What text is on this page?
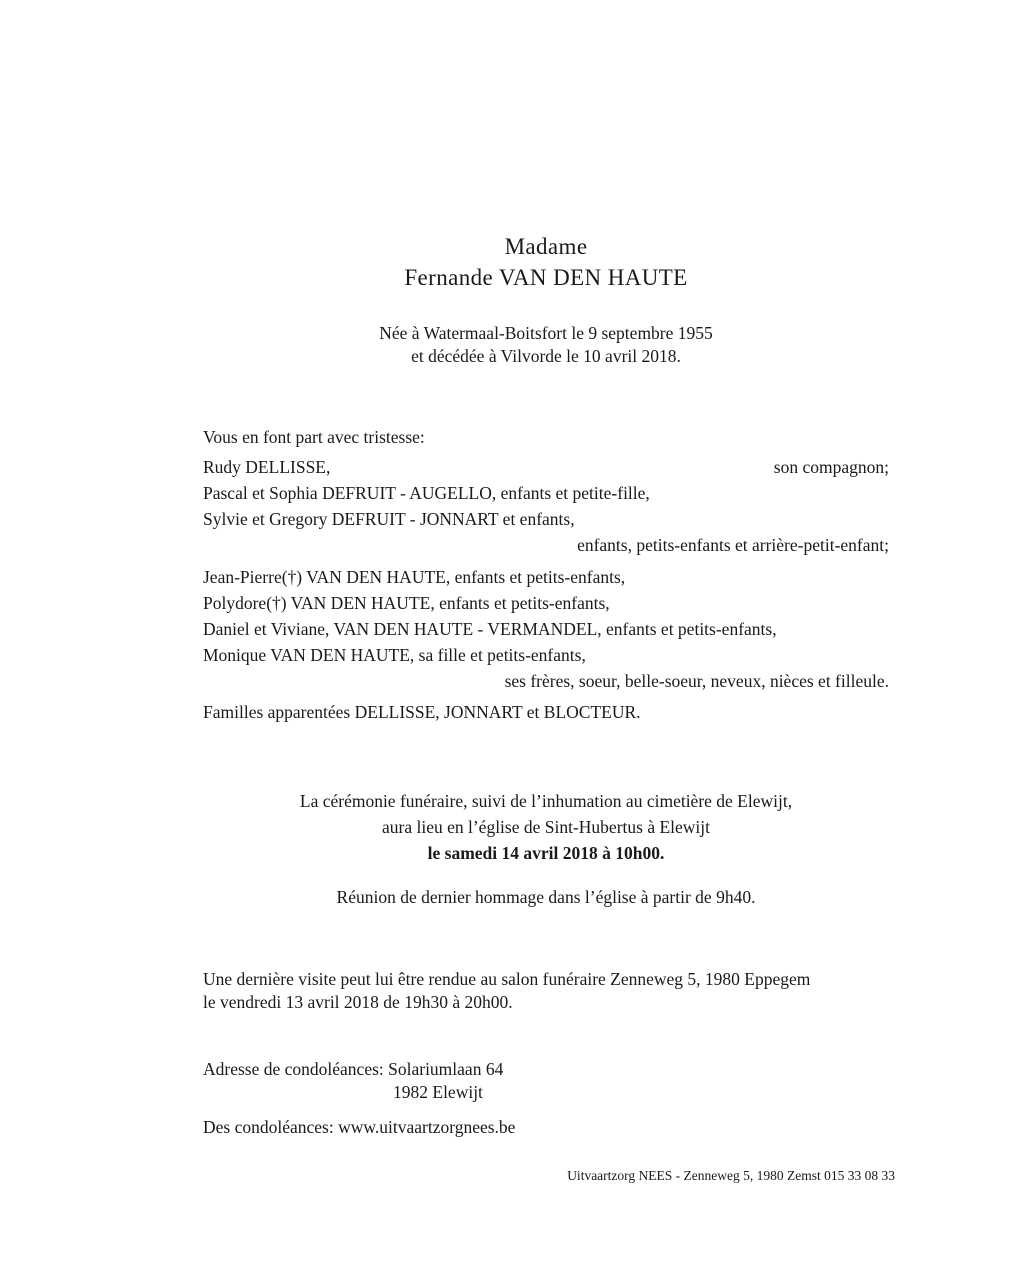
Madame
Fernande VAN DEN HAUTE
Née à Watermaal-Boitsfort le 9 septembre 1955
et décédée à Vilvorde le 10 avril 2018.
Vous en font part avec tristesse:
Rudy DELLISSE,	son compagnon;
Pascal et Sophia DEFRUIT - AUGELLO, enfants et petite-fille,
Sylvie et Gregory DEFRUIT - JONNART et enfants,
enfants, petits-enfants et arrière-petit-enfant;
Jean-Pierre(†) VAN DEN HAUTE, enfants et petits-enfants,
Polydore(†) VAN DEN HAUTE, enfants et petits-enfants,
Daniel et Viviane, VAN DEN HAUTE - VERMANDEL, enfants et petits-enfants,
Monique VAN DEN HAUTE, sa fille et petits-enfants,
ses frères, soeur, belle-soeur, neveux, nièces et filleule.
Familles apparentées DELLISSE, JONNART et BLOCTEUR.
La cérémonie funéraire, suivi de l’inhumation au cimetière de Elewijt,
aura lieu en l’église de Sint-Hubertus à Elewijt
le samedi 14 avril 2018 à 10h00.
Réunion de dernier hommage dans l’église à partir de 9h40.
Une dernière visite peut lui être rendue au salon funéraire Zenneweg 5, 1980 Eppegem
le vendredi 13 avril 2018 de 19h30 à 20h00.
Adresse de condoléances: Solariumlaan 64
1982 Elewijt
Des condoléances: www.uitvaartzorgnees.be
Uitvaartzorg NEES - Zenneweg 5, 1980 Zemst 015 33 08 33
